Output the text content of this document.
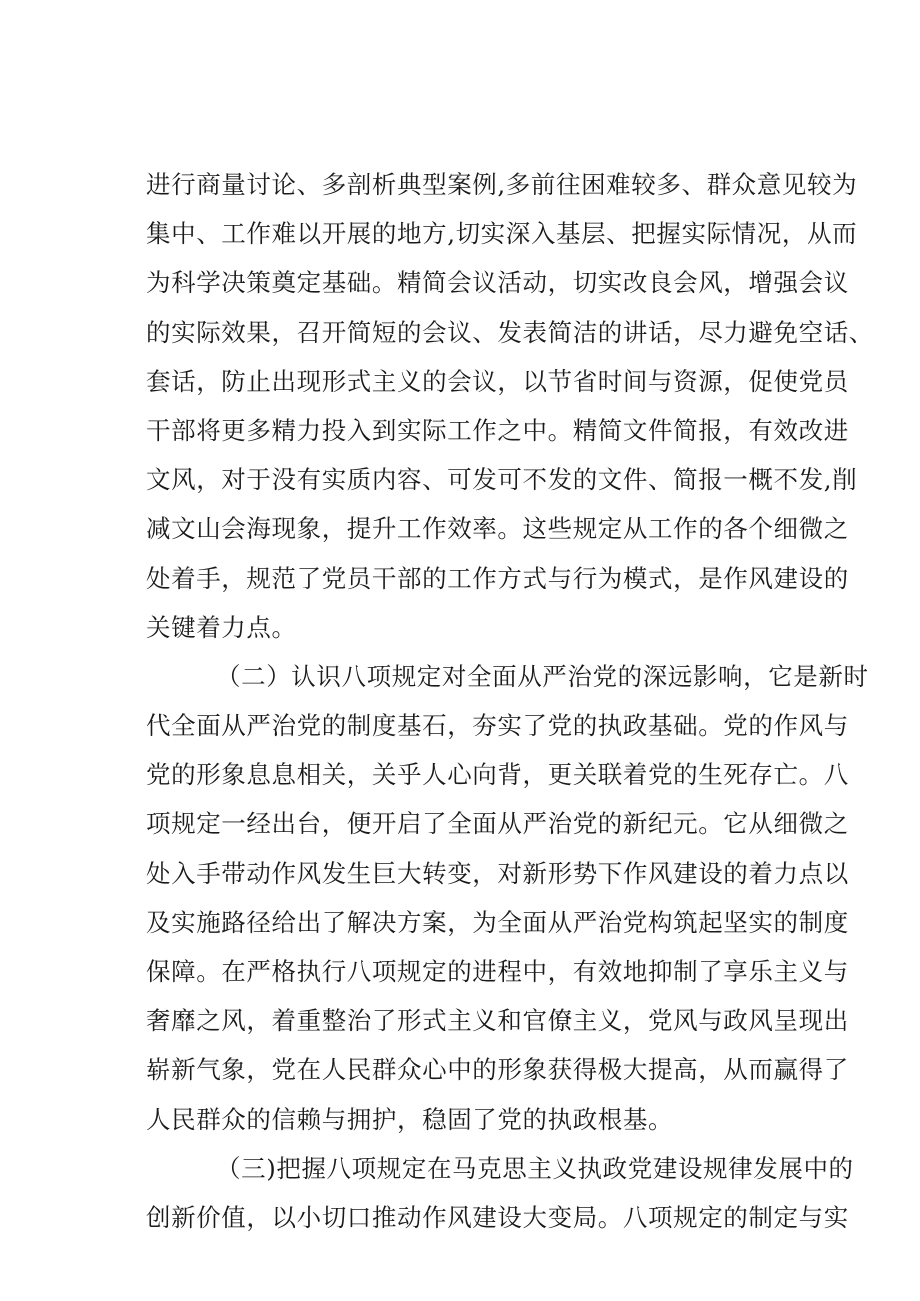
进行商量讨论、多剖析典型案例,多前往困难较多、群众意见较为
集中、工作难以开展的地方,切实深入基层、把握实际情况，从而
为科学决策奠定基础。精简会议活动，切实改良会风，增强会议
的实际效果，召开简短的会议、发表简洁的讲话，尽力避免空话、
套话，防止出现形式主义的会议，以节省时间与资源，促使党员
干部将更多精力投入到实际工作之中。精简文件简报，有效改进
文风，对于没有实质内容、可发可不发的文件、简报一概不发,削
减文山会海现象，提升工作效率。这些规定从工作的各个细微之
处着手，规范了党员干部的工作方式与行为模式，是作风建设的
关键着力点。
（二）认识八项规定对全面从严治党的深远影响，它是新时
代全面从严治党的制度基石，夯实了党的执政基础。党的作风与
党的形象息息相关，关乎人心向背，更关联着党的生死存亡。八
项规定一经出台，便开启了全面从严治党的新纪元。它从细微之
处入手带动作风发生巨大转变，对新形势下作风建设的着力点以
及实施路径给出了解决方案，为全面从严治党构筑起坚实的制度
保障。在严格执行八项规定的进程中，有效地抑制了享乐主义与
奢靡之风，着重整治了形式主义和官僚主义，党风与政风呈现出
崭新气象，党在人民群众心中的形象获得极大提高，从而赢得了
人民群众的信赖与拥护，稳固了党的执政根基。
（三)把握八项规定在马克思主义执政党建设规律发展中的
创新价值，以小切口推动作风建设大变局。八项规定的制定与实
